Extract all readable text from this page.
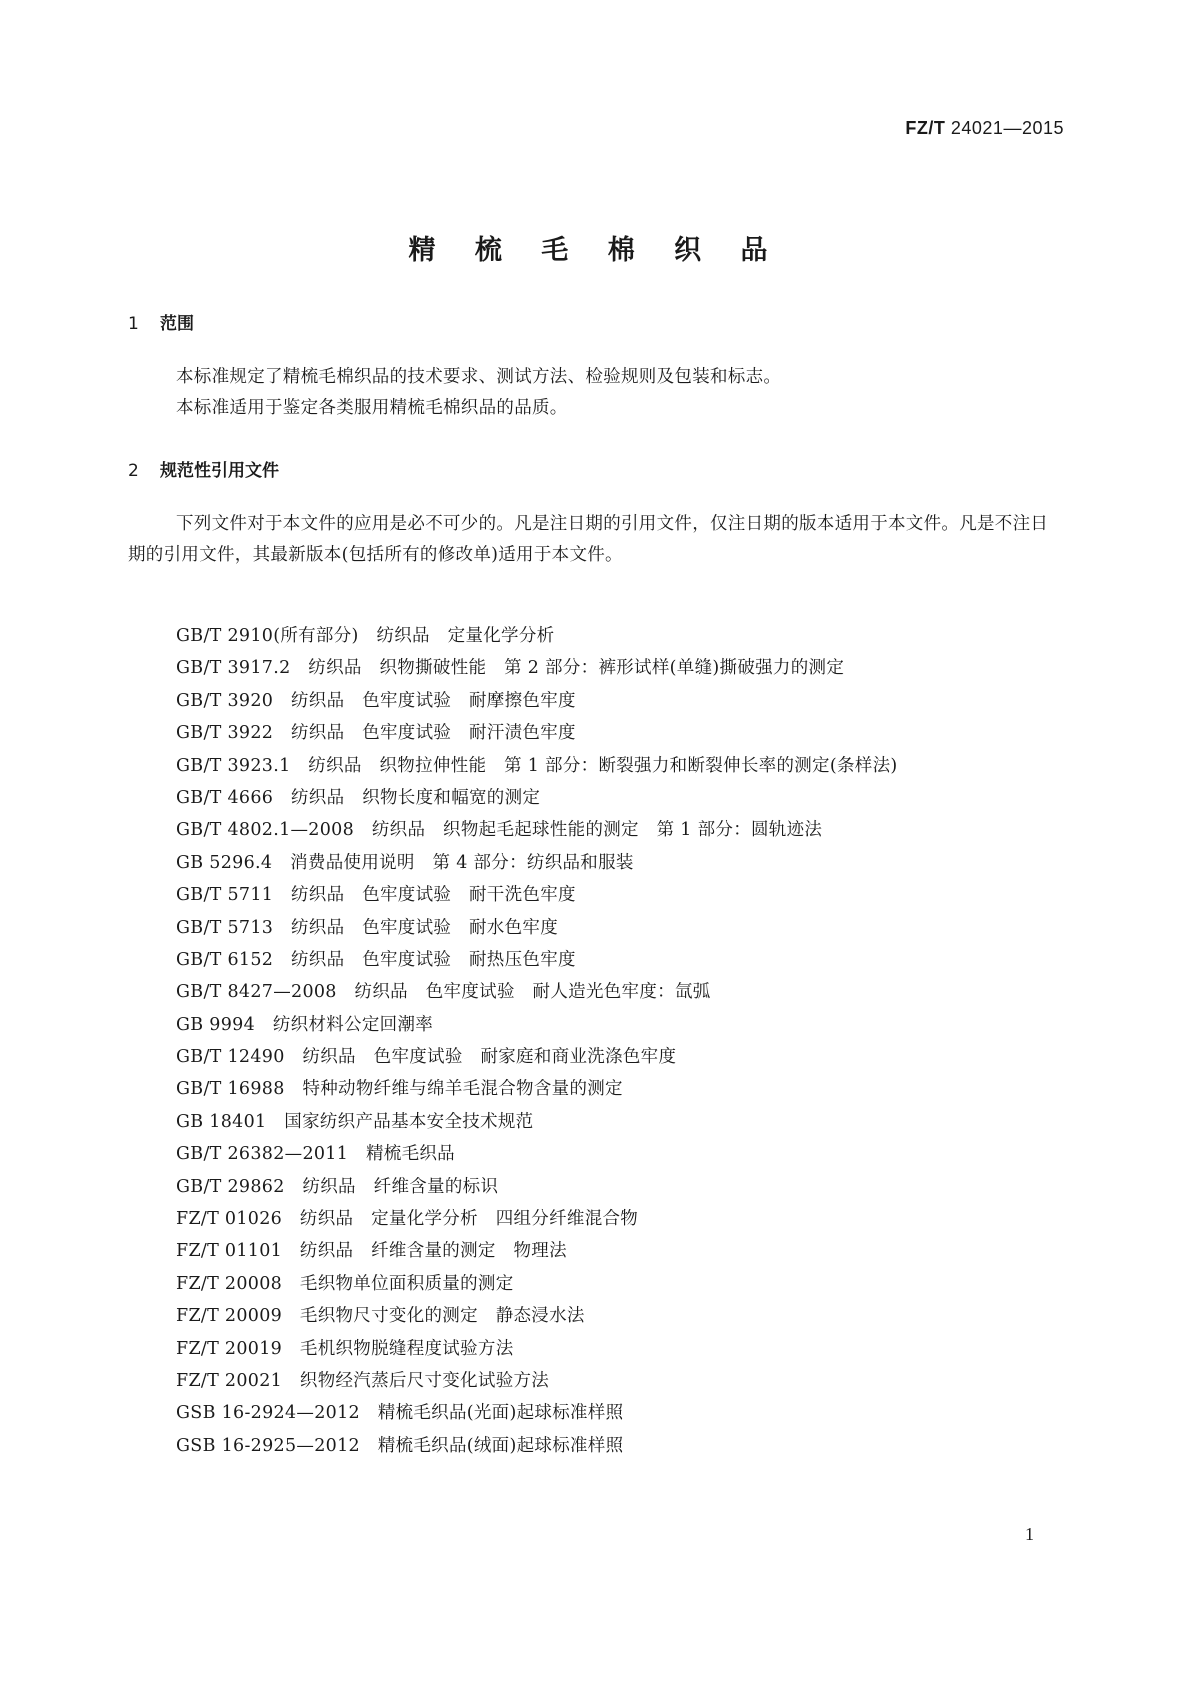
FZ/T 24021—2015
精 梳 毛 棉 织 品
1 范围

本标准规定了精梳毛棉织品的技术要求、测试方法、检验规则及包装和标志。

本标准适用于鉴定各类服用精梳毛棉织品的品质。

2 规范性引用文件

下列文件对于本文件的应用是必不可少的。凡是注日期的引用文件，仅注日期的版本适用于本文件。凡是不注日期的引用文件，其最新版本(包括所有的修改单)适用于本文件。

GB/T 2910(所有部分)　纺织品　定量化学分析
GB/T 3917.2　纺织品　织物撕破性能　第 2 部分：裤形试样(单缝)撕破强力的测定
GB/T 3920　纺织品　色牢度试验　耐摩擦色牢度
GB/T 3922　纺织品　色牢度试验　耐汗渍色牢度
GB/T 3923.1　纺织品　织物拉伸性能　第 1 部分：断裂强力和断裂伸长率的测定(条样法)
GB/T 4666　纺织品　织物长度和幅宽的测定
GB/T 4802.1—2008　纺织品　织物起毛起球性能的测定　第 1 部分：圆轨迹法
GB 5296.4　消费品使用说明　第 4 部分：纺织品和服装
GB/T 5711　纺织品　色牢度试验　耐干洗色牢度
GB/T 5713　纺织品　色牢度试验　耐水色牢度
GB/T 6152　纺织品　色牢度试验　耐热压色牢度
GB/T 8427—2008　纺织品　色牢度试验　耐人造光色牢度：氙弧
GB 9994　纺织材料公定回潮率
GB/T 12490　纺织品　色牢度试验　耐家庭和商业洗涤色牢度
GB/T 16988　特种动物纤维与绵羊毛混合物含量的测定
GB 18401　国家纺织产品基本安全技术规范
GB/T 26382—2011　精梳毛织品
GB/T 29862　纺织品　纤维含量的标识
FZ/T 01026　纺织品　定量化学分析　四组分纤维混合物
FZ/T 01101　纺织品　纤维含量的测定　物理法
FZ/T 20008　毛织物单位面积质量的测定
FZ/T 20009　毛织物尺寸变化的测定　静态浸水法
FZ/T 20019　毛机织物脱缝程度试验方法
FZ/T 20021　织物经汽蒸后尺寸变化试验方法
GSB 16-2924—2012　精梳毛织品(光面)起球标准样照
GSB 16-2925—2012　精梳毛织品(绒面)起球标准样照
1
